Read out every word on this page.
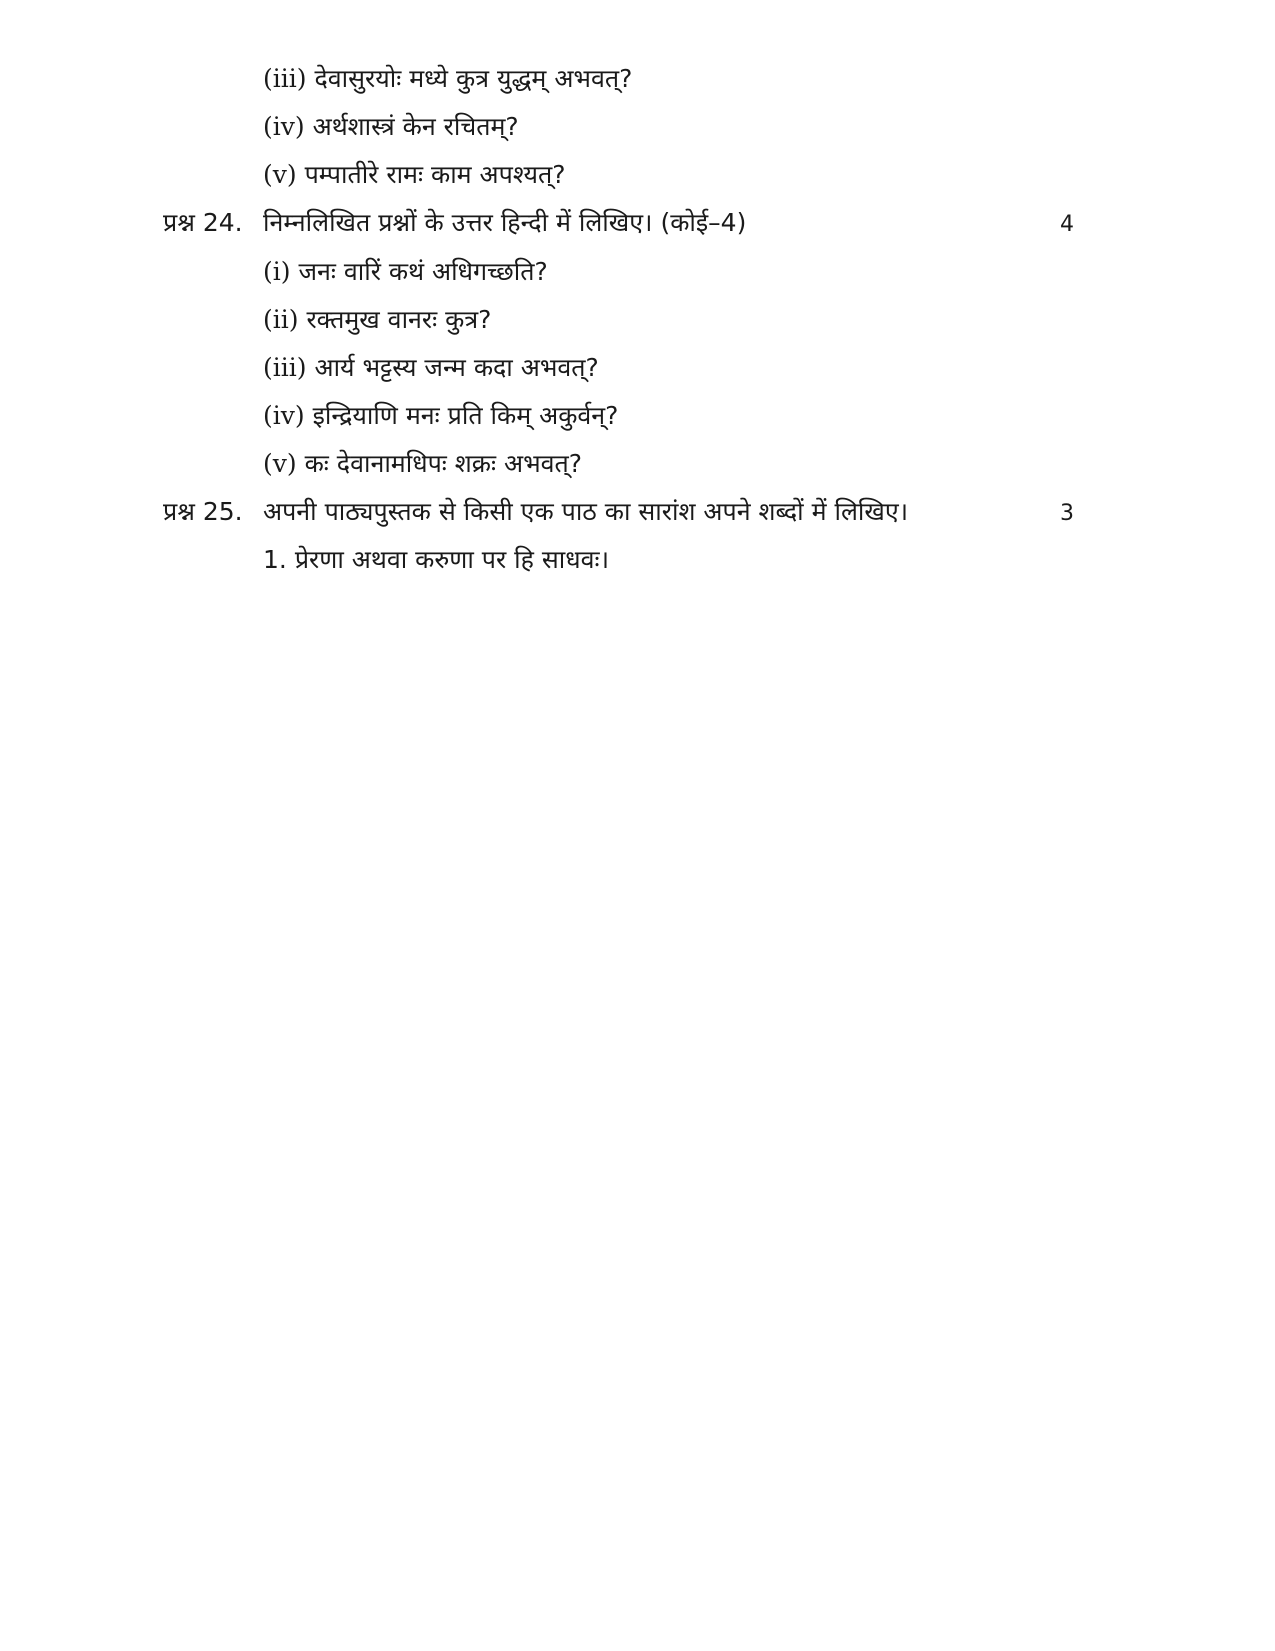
(iii) देवासुरयोः मध्ये कुत्र युद्धम् अभवत्?
(iv) अर्थशास्त्रं केन रचितम्?
(v) पम्पातीरे रामः काम अपश्यत्?
प्रश्न 24. निम्नलिखित प्रश्नों के उत्तर हिन्दी में लिखिए। (कोई–4)	4
(i) जनः वारिं कथं अधिगच्छति?
(ii) रक्तमुख वानरः कुत्र?
(iii) आर्य भट्टस्य जन्म कदा अभवत्?
(iv) इन्द्रियाणि मनः प्रति किम् अकुर्वन्?
(v) कः देवानामधिपः शक्रः अभवत्?
प्रश्न 25. अपनी पाठ्यपुस्तक से किसी एक पाठ का सारांश अपने शब्दों में लिखिए।	3
1. प्रेरणा अथवा करुणा पर हि साधवः।
